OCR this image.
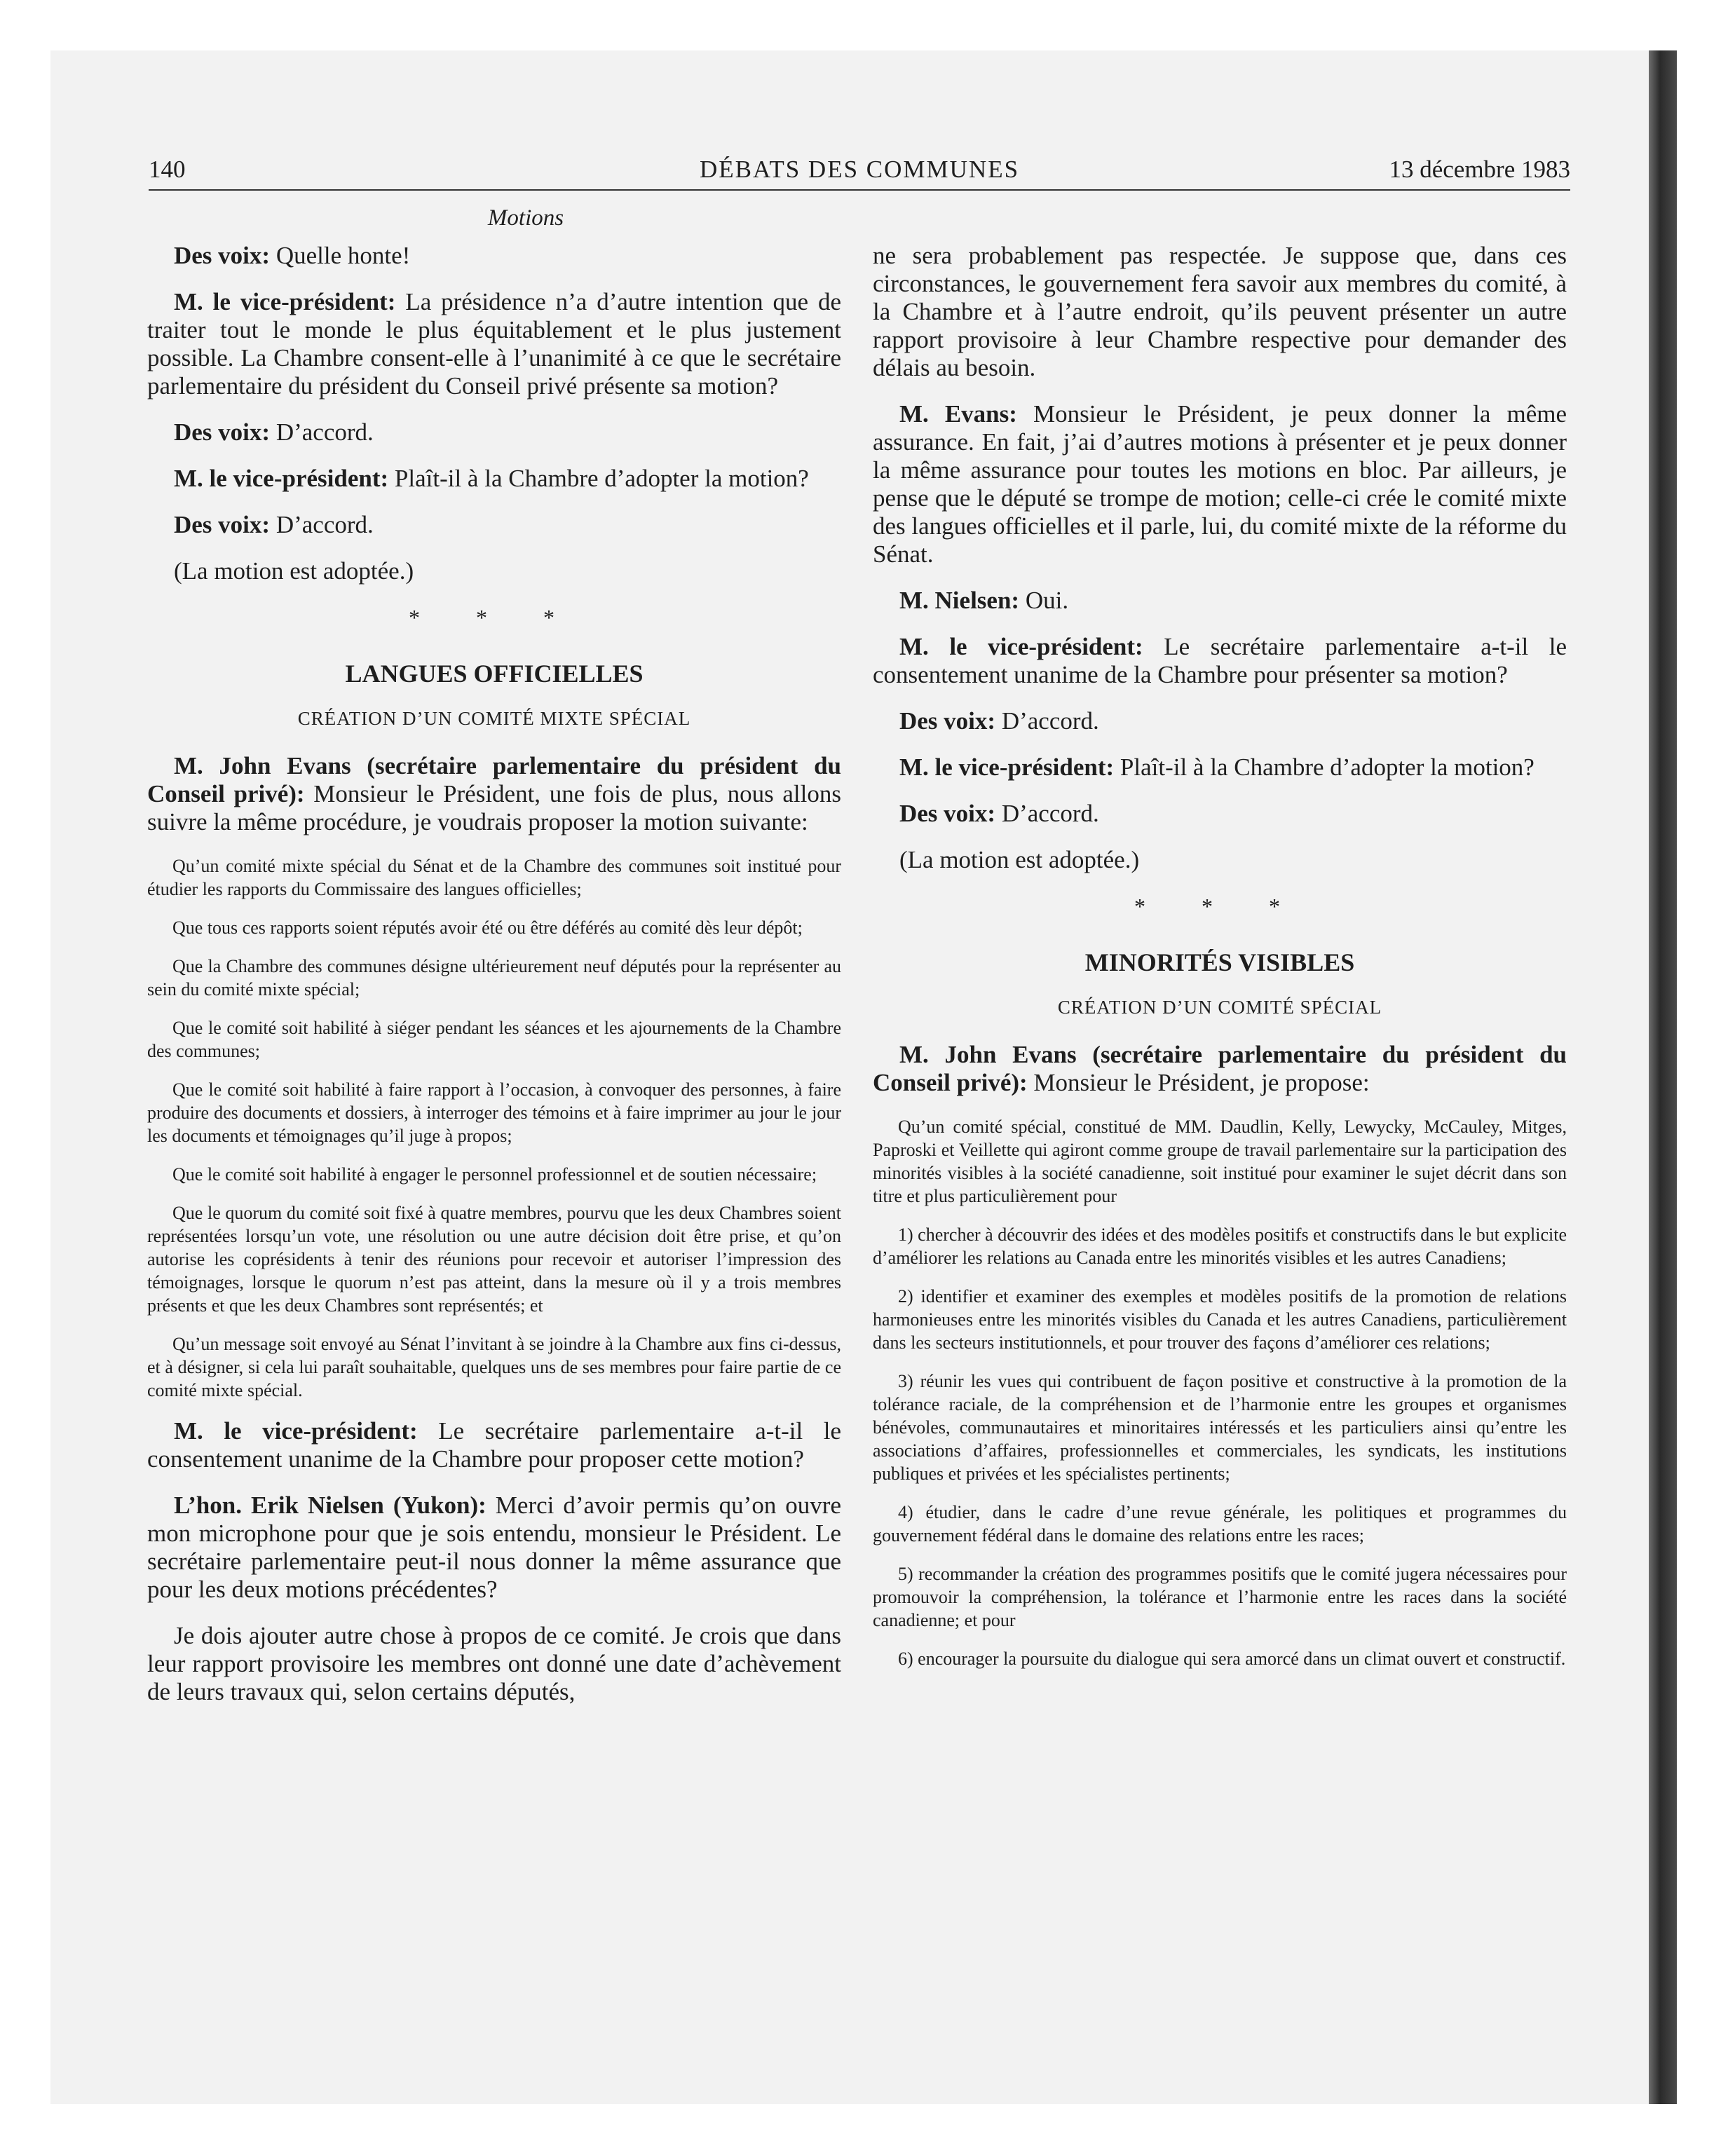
140	DÉBATS DES COMMUNES	13 décembre 1983
Motions

Des voix: Quelle honte!

M. le vice-président: La présidence n’a d’autre intention que de traiter tout le monde le plus équitablement et le plus justement possible. La Chambre consent-elle à l’unanimité à ce que le secrétaire parlementaire du président du Conseil privé présente sa motion?

Des voix: D’accord.

M. le vice-président: Plaît-il à la Chambre d’adopter la motion?

Des voix: D’accord.

(La motion est adoptée.)

* * *
LANGUES OFFICIELLES
CRÉATION D’UN COMITÉ MIXTE SPÉCIAL

M. John Evans (secrétaire parlementaire du président du Conseil privé): Monsieur le Président, une fois de plus, nous allons suivre la même procédure, je voudrais proposer la motion suivante:

Qu’un comité mixte spécial du Sénat et de la Chambre des communes soit institué pour étudier les rapports du Commissaire des langues officielles;

Que tous ces rapports soient réputés avoir été ou être déférés au comité dès leur dépôt;

Que la Chambre des communes désigne ultérieurement neuf députés pour la représenter au sein du comité mixte spécial;

Que le comité soit habilité à siéger pendant les séances et les ajournements de la Chambre des communes;

Que le comité soit habilité à faire rapport à l’occasion, à convoquer des personnes, à faire produire des documents et dossiers, à interroger des témoins et à faire imprimer au jour le jour les documents et témoignages qu’il juge à propos;

Que le comité soit habilité à engager le personnel professionnel et de soutien nécessaire;

Que le quorum du comité soit fixé à quatre membres, pourvu que les deux Chambres soient représentées lorsqu’un vote, une résolution ou une autre décision doit être prise, et qu’on autorise les coprésidents à tenir des réunions pour recevoir et autoriser l’impression des témoignages, lorsque le quorum n’est pas atteint, dans la mesure où il y a trois membres présents et que les deux Chambres sont représentés; et

Qu’un message soit envoyé au Sénat l’invitant à se joindre à la Chambre aux fins ci-dessus, et à désigner, si cela lui paraît souhaitable, quelques uns de ses membres pour faire partie de ce comité mixte spécial.

M. le vice-président: Le secrétaire parlementaire a-t-il le consentement unanime de la Chambre pour proposer cette motion?

L’hon. Erik Nielsen (Yukon): Merci d’avoir permis qu’on ouvre mon microphone pour que je sois entendu, monsieur le Président. Le secrétaire parlementaire peut-il nous donner la même assurance que pour les deux motions précédentes?

Je dois ajouter autre chose à propos de ce comité. Je crois que dans leur rapport provisoire les membres ont donné une date d’achèvement de leurs travaux qui, selon certains députés,

ne sera probablement pas respectée. Je suppose que, dans ces circonstances, le gouvernement fera savoir aux membres du comité, à la Chambre et à l’autre endroit, qu’ils peuvent présenter un autre rapport provisoire à leur Chambre respective pour demander des délais au besoin.

M. Evans: Monsieur le Président, je peux donner la même assurance. En fait, j’ai d’autres motions à présenter et je peux donner la même assurance pour toutes les motions en bloc. Par ailleurs, je pense que le député se trompe de motion; celle-ci crée le comité mixte des langues officielles et il parle, lui, du comité mixte de la réforme du Sénat.

M. Nielsen: Oui.

M. le vice-président: Le secrétaire parlementaire a-t-il le consentement unanime de la Chambre pour présenter sa motion?

Des voix: D’accord.

M. le vice-président: Plaît-il à la Chambre d’adopter la motion?

Des voix: D’accord.

(La motion est adoptée.)

* * *
MINORITÉS VISIBLES
CRÉATION D’UN COMITÉ SPÉCIAL

M. John Evans (secrétaire parlementaire du président du Conseil privé): Monsieur le Président, je propose:

Qu’un comité spécial, constitué de MM. Daudlin, Kelly, Lewycky, McCauley, Mitges, Paproski et Veillette qui agiront comme groupe de travail parlementaire sur la participation des minorités visibles à la société canadienne, soit institué pour examiner le sujet décrit dans son titre et plus particulièrement pour

1) chercher à découvrir des idées et des modèles positifs et constructifs dans le but explicite d’améliorer les relations au Canada entre les minorités visibles et les autres Canadiens;

2) identifier et examiner des exemples et modèles positifs de la promotion de relations harmonieuses entre les minorités visibles du Canada et les autres Canadiens, particulièrement dans les secteurs institutionnels, et pour trouver des façons d’améliorer ces relations;

3) réunir les vues qui contribuent de façon positive et constructive à la promotion de la tolérance raciale, de la compréhension et de l’harmonie entre les groupes et organismes bénévoles, communautaires et minoritaires intéressés et les particuliers ainsi qu’entre les associations d’affaires, professionnelles et commerciales, les syndicats, les institutions publiques et privées et les spécialistes pertinents;

4) étudier, dans le cadre d’une revue générale, les politiques et programmes du gouvernement fédéral dans le domaine des relations entre les races;

5) recommander la création des programmes positifs que le comité jugera nécessaires pour promouvoir la compréhension, la tolérance et l’harmonie entre les races dans la société canadienne; et pour

6) encourager la poursuite du dialogue qui sera amorcé dans un climat ouvert et constructif.
